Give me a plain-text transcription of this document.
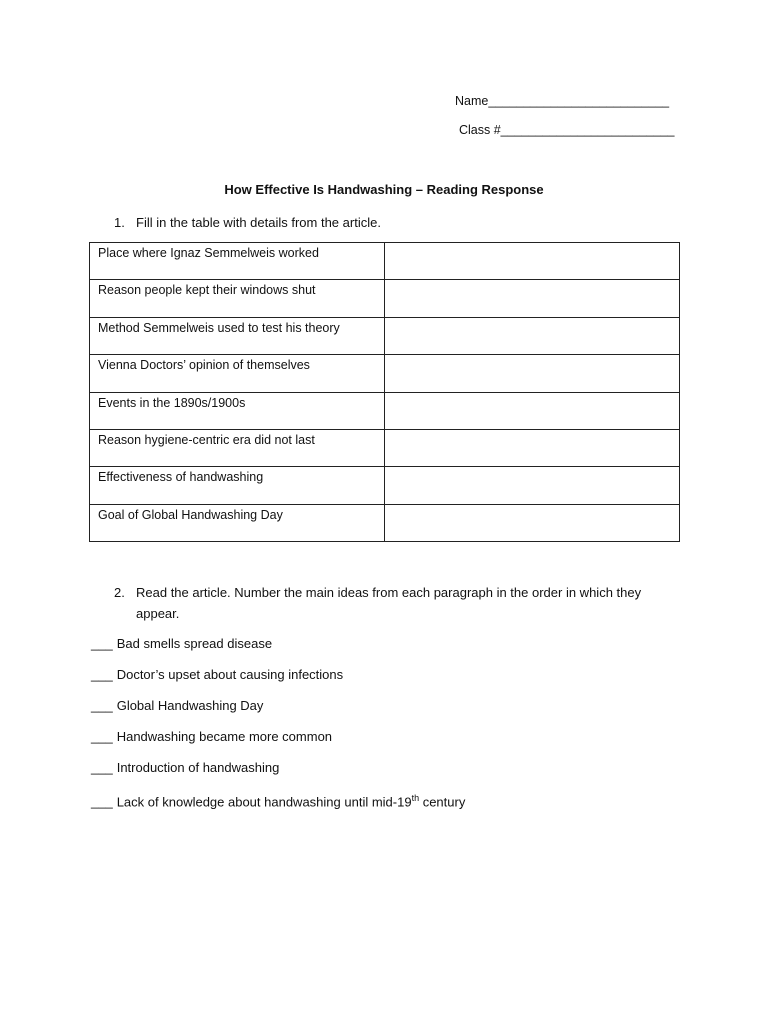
Name__________________________
Class #_________________________
How Effective Is Handwashing – Reading Response
1. Fill in the table with details from the article.
Place where Ignaz Semmelweis worked	
Reason people kept their windows shut	
Method Semmelweis used to test his theory	
Vienna Doctors’ opinion of themselves	
Events in the 1890s/1900s	
Reason hygiene-centric era did not last	
Effectiveness of handwashing	
Goal of Global Handwashing Day	
2. Read the article. Number the main ideas from each paragraph in the order in which they appear.
___ Bad smells spread disease
___ Doctor’s upset about causing infections
___ Global Handwashing Day
___ Handwashing became more common
___ Introduction of handwashing
___ Lack of knowledge about handwashing until mid-19th century
